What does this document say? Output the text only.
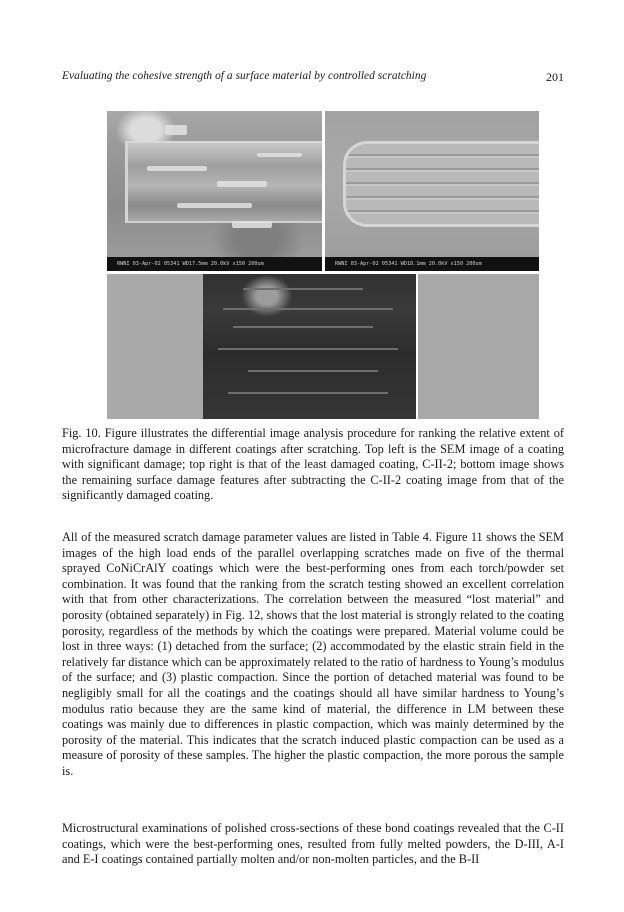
Evaluating the cohesive strength of a surface material by controlled scratching	201
RWNI 03-Apr-02 05341 WD17.5mm 20.0kV x150 200um	RWNI 03-Apr-02 05341 WD18.1mm 20.0kV x150 200um

Fig. 10. Figure illustrates the differential image analysis procedure for ranking the relative extent of microfracture damage in different coatings after scratching. Top left is the SEM image of a coating with significant damage; top right is that of the least damaged coating, C-II-2; bottom image shows the remaining surface damage features after subtracting the C-II-2 coating image from that of the significantly damaged coating.

All of the measured scratch damage parameter values are listed in Table 4. Figure 11 shows the SEM images of the high load ends of the parallel overlapping scratches made on five of the thermal sprayed CoNiCrAlY coatings which were the best-performing ones from each torch/powder set combination. It was found that the ranking from the scratch testing showed an excellent correlation with that from other characterizations. The correlation between the measured “lost material” and porosity (obtained separately) in Fig. 12, shows that the lost material is strongly related to the coating porosity, regardless of the methods by which the coatings were prepared. Material volume could be lost in three ways: (1) detached from the surface; (2) accommodated by the elastic strain field in the relatively far distance which can be approximately related to the ratio of hardness to Young’s modulus of the surface; and (3) plastic compaction. Since the portion of detached material was found to be negligibly small for all the coatings and the coatings should all have similar hardness to Young’s modulus ratio because they are the same kind of material, the difference in LM between these coatings was mainly due to differences in plastic compaction, which was mainly determined by the porosity of the material. This indicates that the scratch induced plastic compaction can be used as a measure of porosity of these samples. The higher the plastic compaction, the more porous the sample is.

Microstructural examinations of polished cross-sections of these bond coatings revealed that the C-II coatings, which were the best-performing ones, resulted from fully melted powders, the D-III, A-I and E-I coatings contained partially molten and/or non-molten particles, and the B-II
